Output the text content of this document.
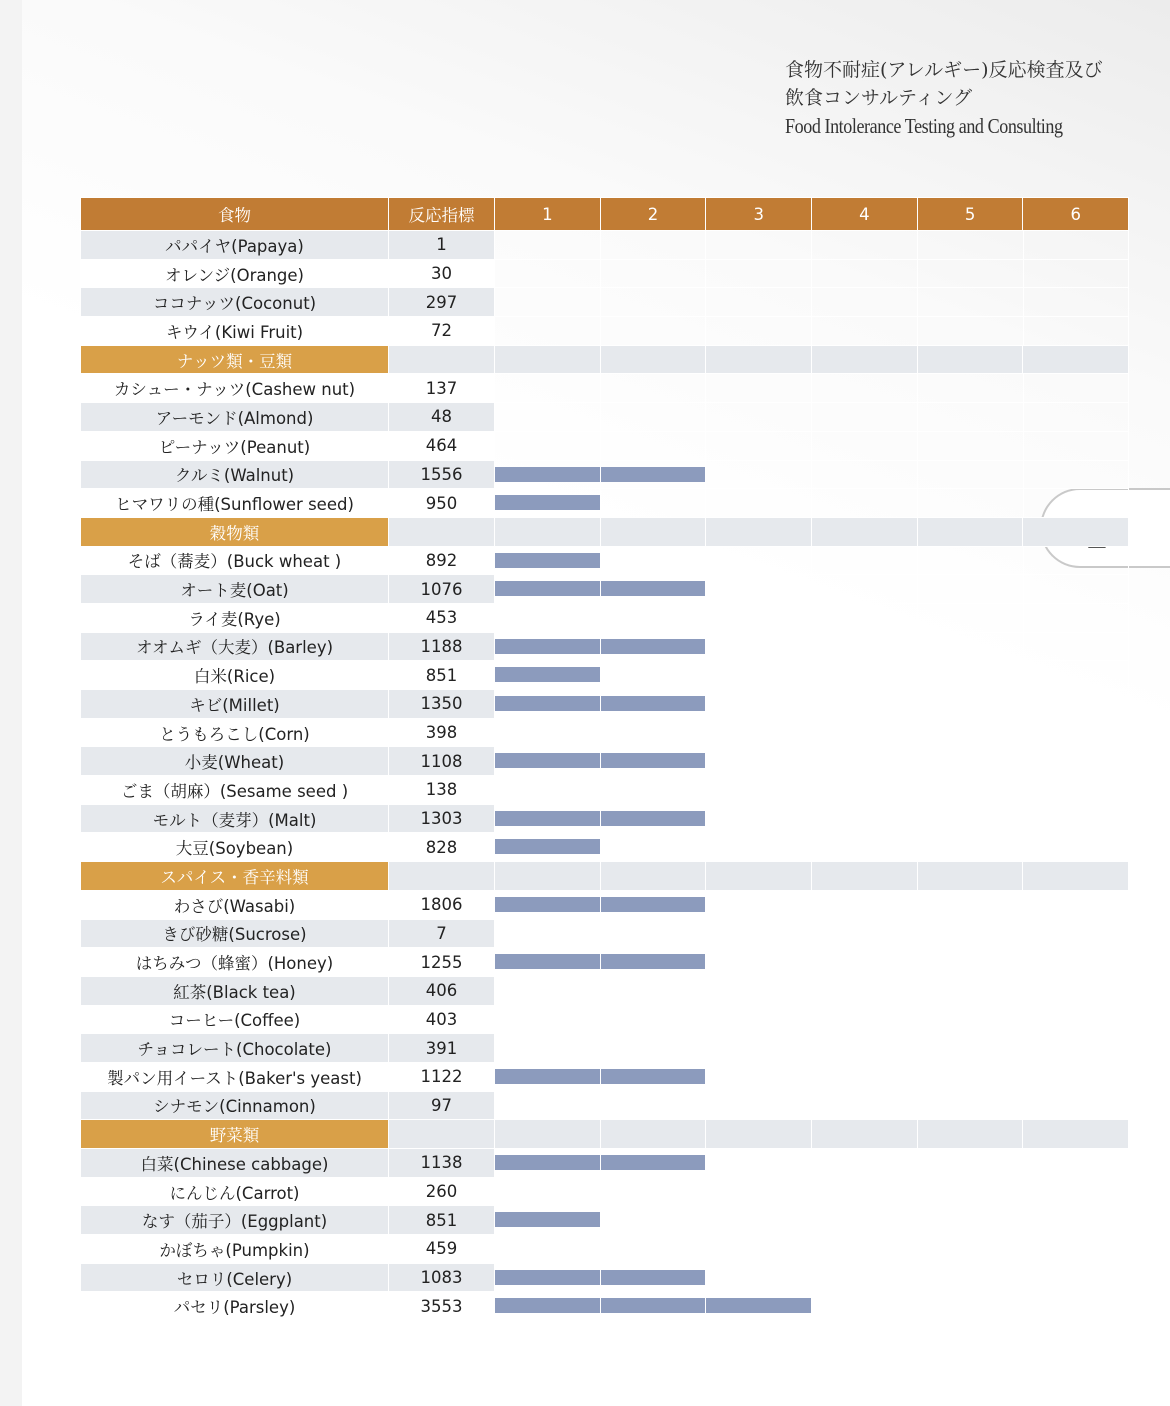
食物不耐症(アレルギー)反応検査及び
飲食コンサルティング
Food Intolerance Testing and Consulting
食物	反応指標	1	2	3	4	5	6
パパイヤ(Papaya)	1						

オレンジ(Orange)	30						

ココナッツ(Coconut)	297						

キウイ(Kiwi Fruit)	72						

ナッツ類・豆類							
カシュー・ナッツ(Cashew nut)	137						

アーモンド(Almond)	48						

ピーナッツ(Peanut)	464						

クルミ(Walnut)	1556						

ヒマワリの種(Sunflower seed)	950						

穀物類							
そば（蕎麦）(Buck wheat )	892						

オート麦(Oat)	1076						

ライ麦(Rye)	453						

オオムギ（大麦）(Barley)	1188						

白米(Rice)	851						

キビ(Millet)	1350						

とうもろこし(Corn)	398						

小麦(Wheat)	1108						

ごま（胡麻）(Sesame seed )	138						

モルト（麦芽）(Malt)	1303						

大豆(Soybean)	828						

スパイス・香辛料類							
わさび(Wasabi)	1806						

きび砂糖(Sucrose)	7						

はちみつ（蜂蜜）(Honey)	1255						

紅茶(Black tea)	406						

コーヒー(Coffee)	403						

チョコレート(Chocolate)	391						

製パン用イースト(Baker's yeast)	1122						

シナモン(Cinnamon)	97						

野菜類							
白菜(Chinese cabbage)	1138						

にんじん(Carrot)	260						

なす（茄子）(Eggplant)	851						

かぼちゃ(Pumpkin)	459						

セロリ(Celery)	1083						

パセリ(Parsley)	3553						
